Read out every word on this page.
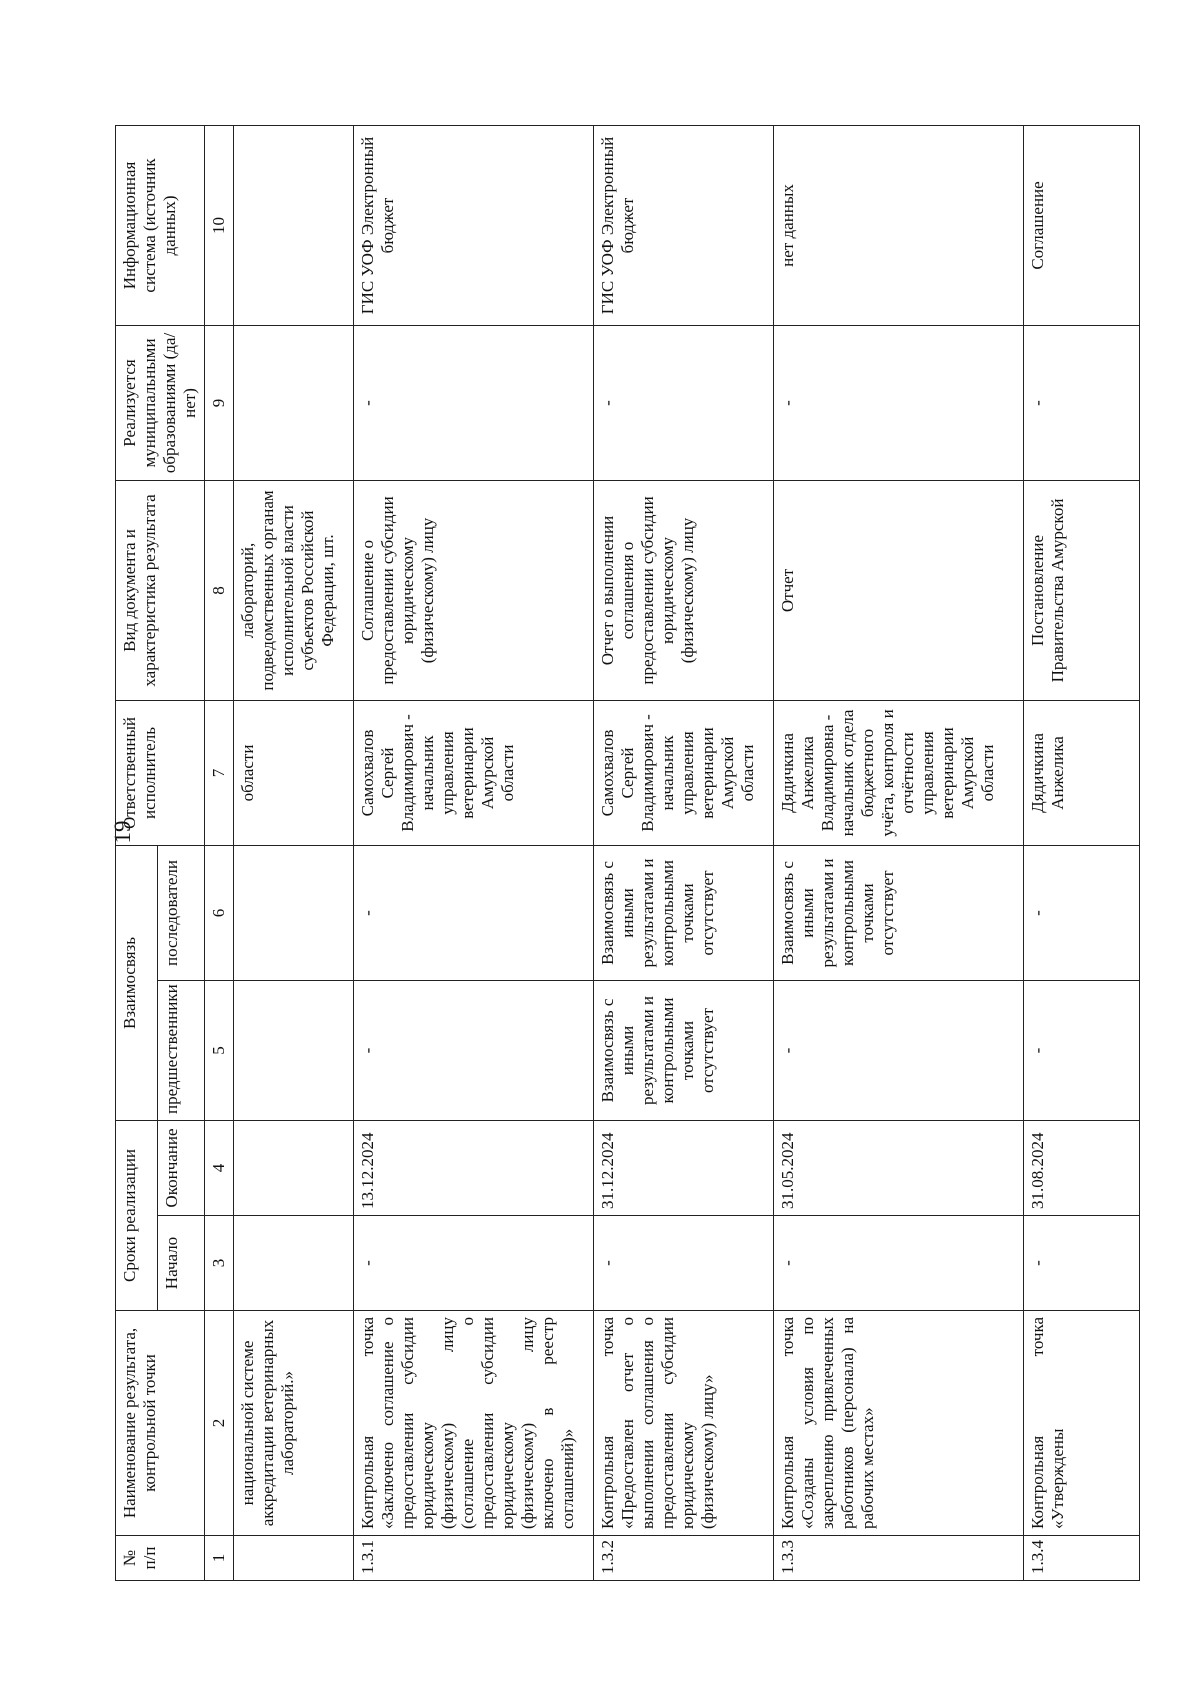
19
№ п/п	Наименование результата, контрольной точки	Сроки реализации		Взаимосвязь		Ответственный исполнитель	Вид документа и характеристика результата	Реализуется муниципальными образованиями (да/нет)	Информационная система (источник данных)
		Начало	Окончание	предшественники	последователи				
1	2	3	4	5	6	7	8	9	10
	национальной системе аккредитации ветеринарных лабораторий.»					области	лабораторий, подведомственных органам исполнительной власти субъектов Российской Федерации, шт.		
1.3.1	Контрольная точка «Заключено соглашение о предоставлении субсидии юридическому (физическому) лицу (соглашение о предоставлении субсидии юридическому (физическому) лицу включено в реестр соглашений)»	-	13.12.2024	-	-	Самохвалов Сергей Владимирович - начальник управления ветеринарии Амурской области	Соглашение о предоставлении субсидии юридическому (физическому) лицу	-	ГИС УОФ Электронный бюджет
1.3.2	Контрольная точка «Предоставлен отчет о выполнении соглашения о предоставлении субсидии юридическому (физическому) лицу»	-	31.12.2024	Взаимосвязь с иными результатами и контрольными точками отсутствует	Взаимосвязь с иными результатами и контрольными точками отсутствует	Самохвалов Сергей Владимирович - начальник управления ветеринарии Амурской области	Отчет о выполнении соглашения о предоставлении субсидии юридическому (физическому) лицу	-	ГИС УОФ Электронный бюджет
1.3.3	Контрольная точка «Созданы условия по закреплению привлеченных работников (персонала) на рабочих местах»	-	31.05.2024	-	Взаимосвязь с иными результатами и контрольными точками отсутствует	Дядичкина Анжелика Владимировна - начальник отдела бюджетного учёта, контроля и отчётности управления ветеринарии Амурской области	Отчет	-	нет данных
1.3.4	Контрольная точка «Утверждены	-	31.08.2024	-	-	Дядичкина Анжелика	Постановление Правительства Амурской	-	Соглашение
